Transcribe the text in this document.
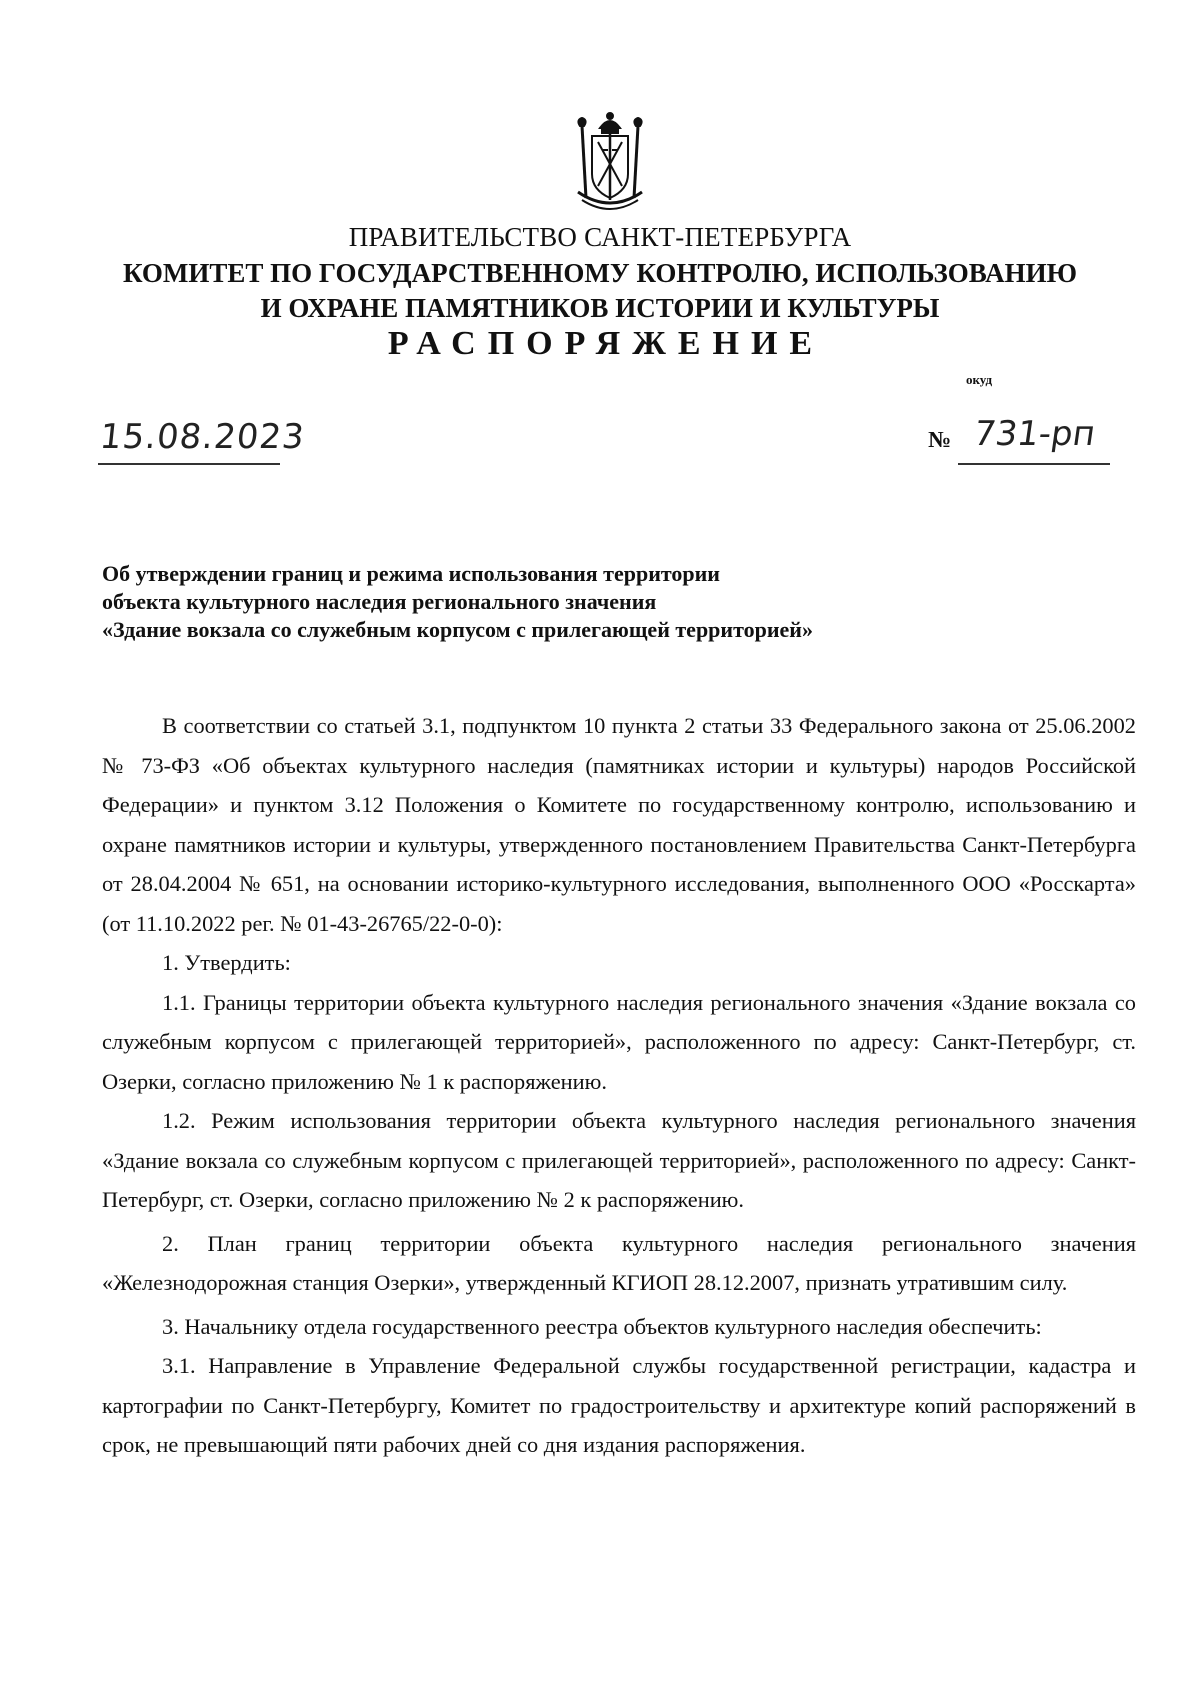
ПРАВИТЕЛЬСТВО САНКТ-ПЕТЕРБУРГА
КОМИТЕТ ПО ГОСУДАРСТВЕННОМУ КОНТРОЛЮ, ИСПОЛЬЗОВАНИЮ
И ОХРАНЕ ПАМЯТНИКОВ ИСТОРИИ И КУЛЬТУРЫ
РАСПОРЯЖЕНИЕ
окуд
15.08.2023	№ 731-рп
Об утверждении границ и режима использования территории
объекта культурного наследия регионального значения
«Здание вокзала со служебным корпусом с прилегающей территорией»

В соответствии со статьей 3.1, подпунктом 10 пункта 2 статьи 33 Федерального закона от 25.06.2002 № 73-ФЗ «Об объектах культурного наследия (памятниках истории и культуры) народов Российской Федерации» и пунктом 3.12 Положения о Комитете по государственному контролю, использованию и охране памятников истории и культуры, утвержденного постановлением Правительства Санкт-Петербурга от 28.04.2004 № 651, на основании историко-культурного исследования, выполненного ООО «Росскарта» (от 11.10.2022 рег. № 01-43-26765/22-0-0):

1. Утвердить:

1.1. Границы территории объекта культурного наследия регионального значения «Здание вокзала со служебным корпусом с прилегающей территорией», расположенного по адресу: Санкт-Петербург, ст. Озерки, согласно приложению № 1 к распоряжению.

1.2. Режим использования территории объекта культурного наследия регионального значения «Здание вокзала со служебным корпусом с прилегающей территорией», расположенного по адресу: Санкт-Петербург, ст. Озерки, согласно приложению № 2 к распоряжению.

2. План границ территории объекта культурного наследия регионального значения «Железнодорожная станция Озерки», утвержденный КГИОП 28.12.2007, признать утратившим силу.

3. Начальнику отдела государственного реестра объектов культурного наследия обеспечить:

3.1. Направление в Управление Федеральной службы государственной регистрации, кадастра и картографии по Санкт-Петербургу, Комитет по градостроительству и архитектуре копий распоряжений в срок, не превышающий пяти рабочих дней со дня издания распоряжения.
